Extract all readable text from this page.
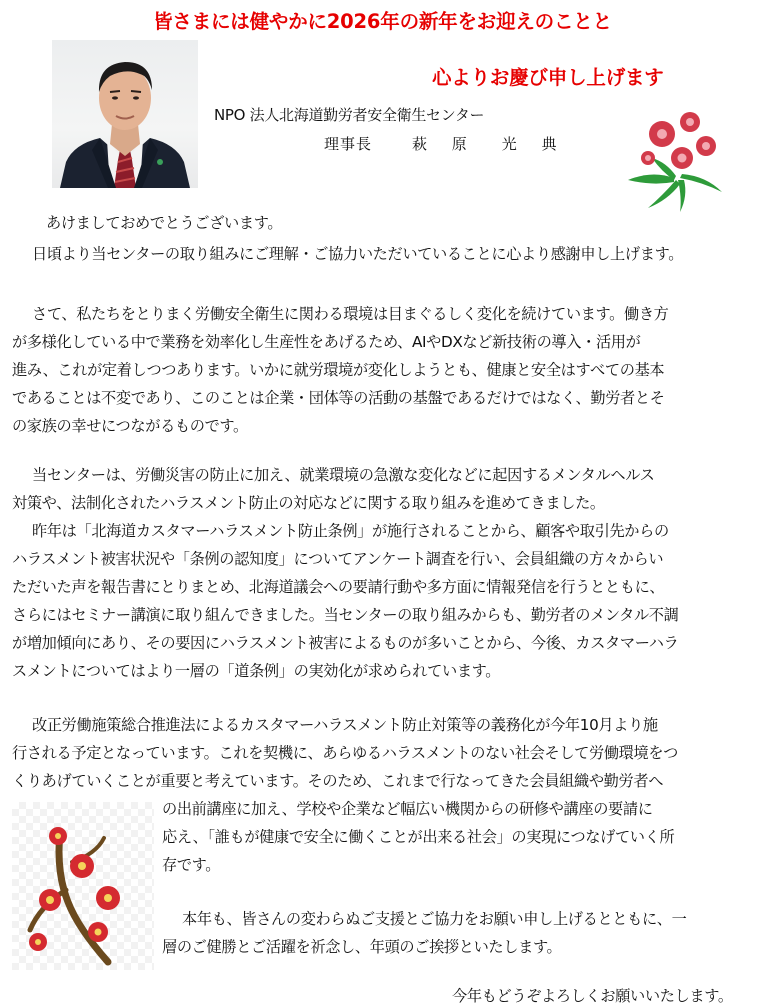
皆さまには健やかに2026年の新年をお迎えのことと
心よりお慶び申し上げます
NPO 法人北海道勤労者安全衛生センター
理事長	萩 原　光 典
あけましておめでとうございます。
日頃より当センターの取り組みにご理解・ご協力いただいていることに心より感謝申し上げます。
さて、私たちをとりまく労働安全衛生に関わる環境は目まぐるしく変化を続けています。働き方
が多様化している中で業務を効率化し生産性をあげるため、AIやDXなど新技術の導入・活用が
進み、これが定着しつつあります。いかに就労環境が変化しようとも、健康と安全はすべての基本
であることは不変であり、このことは企業・団体等の活動の基盤であるだけではなく、勤労者とそ
の家族の幸せにつながるものです。
当センターは、労働災害の防止に加え、就業環境の急激な変化などに起因するメンタルヘルス
対策や、法制化されたハラスメント防止の対応などに関する取り組みを進めてきました。
昨年は「北海道カスタマーハラスメント防止条例」が施行されることから、顧客や取引先からの
ハラスメント被害状況や「条例の認知度」についてアンケート調査を行い、会員組織の方々からい
ただいた声を報告書にとりまとめ、北海道議会への要請行動や多方面に情報発信を行うとともに、
さらにはセミナー講演に取り組んできました。当センターの取り組みからも、勤労者のメンタル不調
が増加傾向にあり、その要因にハラスメント被害によるものが多いことから、今後、カスタマーハラ
スメントについてはより一層の「道条例」の実効化が求められています。
改正労働施策総合推進法によるカスタマーハラスメント防止対策等の義務化が今年10月より施
行される予定となっています。これを契機に、あらゆるハラスメントのない社会そして労働環境をつ
くりあげていくことが重要と考えています。そのため、これまで行なってきた会員組織や勤労者へ
の出前講座に加え、学校や企業など幅広い機関からの研修や講座の要請に
応え、「誰もが健康で安全に働くことが出来る社会」の実現につなげていく所
存です。
本年も、皆さんの変わらぬご支援とご協力をお願い申し上げるとともに、一
層のご健勝とご活躍を祈念し、年頭のご挨拶といたします。
今年もどうぞよろしくお願いいたします。
